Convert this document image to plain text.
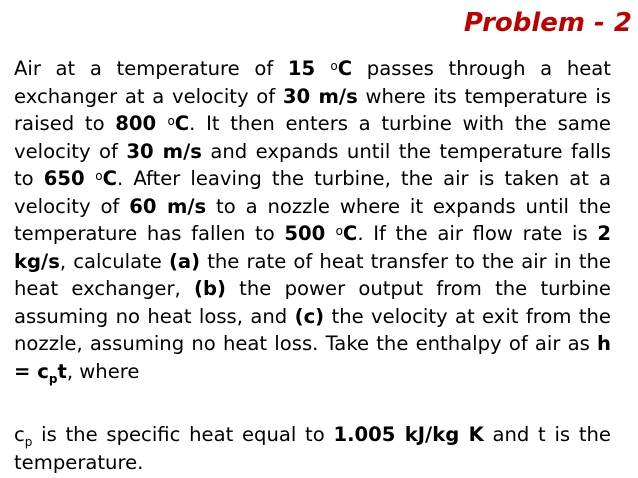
Problem - 2

Air at a temperature of 15 $^o$C passes through a heat exchanger at a velocity of 30 m/s where its temperature is raised to 800 $^o$C. It then enters a turbine with the same velocity of 30 m/s and expands until the temperature falls to 650 $^o$C. After leaving the turbine, the air is taken at a velocity of 60 m/s to a nozzle where it expands until the temperature has fallen to 500 $^o$C. If the air flow rate is 2 kg/s, calculate (a) the rate of heat transfer to the air in the heat exchanger, (b) the power output from the turbine assuming no heat loss, and (c) the velocity at exit from the nozzle, assuming no heat loss. Take the enthalpy of air as $h = c_pt$, where

$c_p$ is the specific heat equal to 1.005 kJ/kg K and t is the temperature.
